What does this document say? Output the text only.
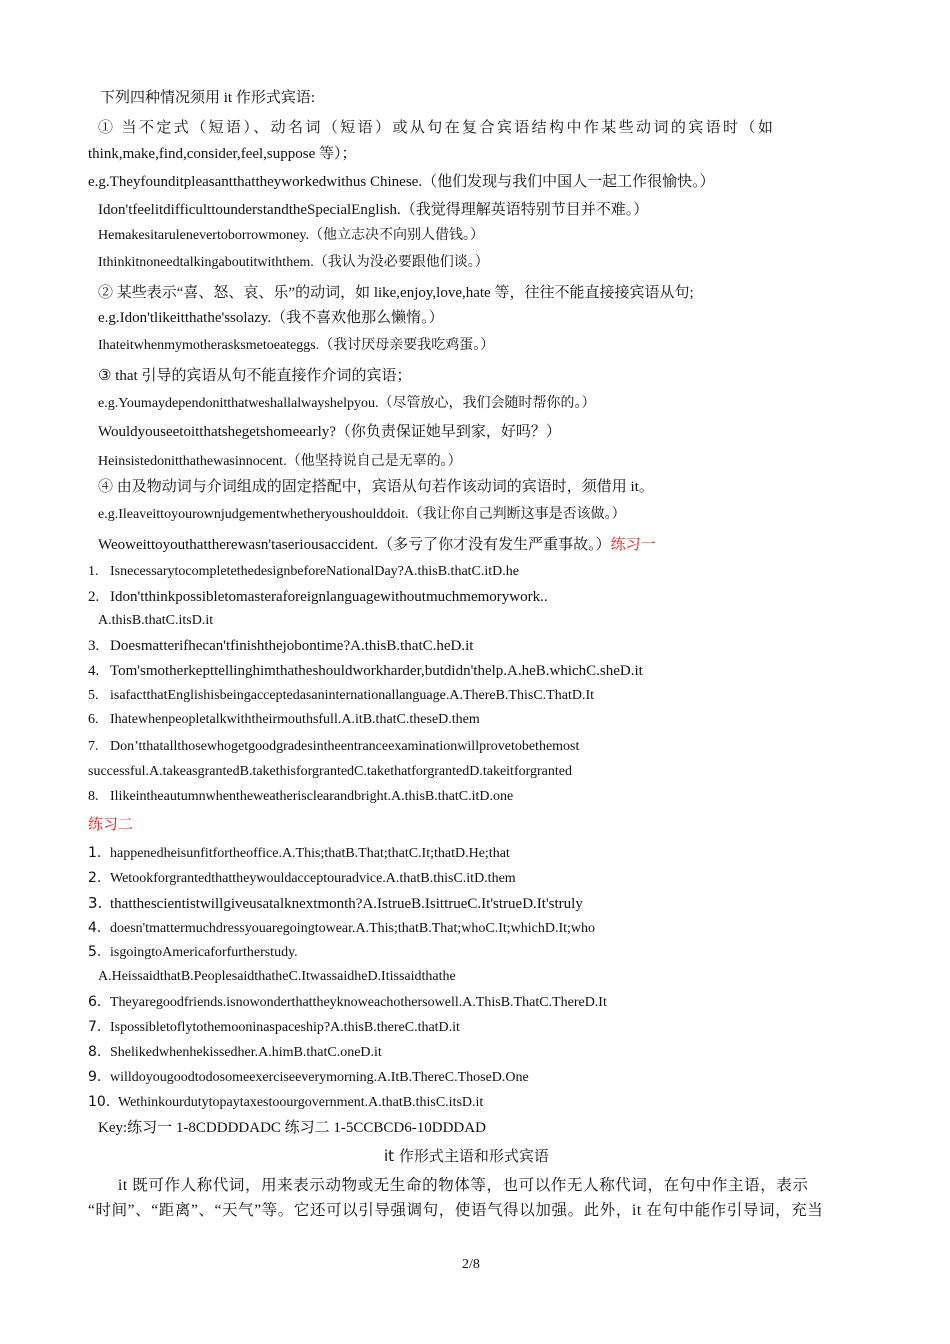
下列四种情况须用 it 作形式宾语:
① 当不定式（短语）、动名词（短语）或从句在复合宾语结构中作某些动词的宾语时（如
think,make,find,consider,feel,suppose 等）；
e.g.Theyfounditpleasantthattheyworkedwithus Chinese.（他们发现与我们中国人一起工作很愉快。）
Idon'tfeelitdifficulttounderstandtheSpecialEnglish.（我觉得理解英语特别节目并不难。）
Hemakesitarulenevertoborrowmoney.（他立志决不向别人借钱。）
Ithinkitnoneedtalkingaboutitwiththem.（我认为没必要跟他们谈。）
② 某些表示“喜、怒、哀、乐”的动词，如 like,enjoy,love,hate 等，往往不能直接接宾语从句;
e.g.Idon'tlikeitthathe'ssolazy.（我不喜欢他那么懒惰。）
Ihateitwhenmymotherasksmetoeateggs.（我讨厌母亲要我吃鸡蛋。）
③ that 引导的宾语从句不能直接作介词的宾语；
e.g.Youmaydependonitthatweshallalwayshelpyou.（尽管放心，我们会随时帮你的。）
Wouldyouseetoitthatshegetshomeearly?（你负责保证她早到家，好吗？）
Heinsistedonitthathewasinnocent.（他坚持说自己是无辜的。）
④ 由及物动词与介词组成的固定搭配中，宾语从句若作该动词的宾语时，须借用 it。
e.g.Ileaveittoyourownjudgementwhetheryoushoulddoit.（我让你自己判断这事是否该做。）
Weoweittoyouthattherewasn'taseriousaccident.（多亏了你才没有发生严重事故。）练习一
1. IsnecessarytocompletethedesignbeforeNationalDay?A.thisB.thatC.itD.he
2. Idon'tthinkpossibletomasteraforeignlanguagewithoutmuchmemorywork..
A.thisB.thatC.itsD.it
3. Doesmatterifhecan'tfinishthejobontime?A.thisB.thatC.heD.it
4. Tom'smotherkepttellinghimthatheshouldworkharder,butdidn'thelp.A.heB.whichC.sheD.it
5. isafactthatEnglishisbeingacceptedasaninternationallanguage.A.ThereB.ThisC.ThatD.It
6. Ihatewhenpeopletalkwiththeirmouthsfull.A.itB.thatC.theseD.them
7. Don’tthatallthosewhogetgoodgradesintheentranceexaminationwillprovetobethemost
successful.A.takeasgrantedB.takethisforgrantedC.takethatforgrantedD.takeitforgranted
8. Ilikeintheautumnwhentheweatherisclearandbright.A.thisB.thatC.itD.one
练习二
1. happenedheisunfitfortheoffice.A.This;thatB.That;thatC.It;thatD.He;that
2. Wetookforgrantedthattheywouldacceptouradvice.A.thatB.thisC.itD.them
3. thatthescientistwillgiveusatalknextmonth?A.IstrueB.IsittrueC.It'strueD.It'struly
4. doesn'tmattermuchdressyouaregoingtowear.A.This;thatB.That;whoC.It;whichD.It;who
5. isgoingtoAmericaforfurtherstudy.
A.HeissaidthatB.PeoplesaidthatheC.ItwassaidheD.Itissaidthathe
6. Theyaregoodfriends.isnowonderthattheyknoweachothersowell.A.ThisB.ThatC.ThereD.It
7. Ispossibletoflytothemooninaspaceship?A.thisB.thereC.thatD.it
8. Shelikedwhenhekissedher.A.himB.thatC.oneD.it
9. willdoyougoodtodosomeexerciseeverymorning.A.ItB.ThereC.ThoseD.One
10. Wethinkourdutytopaytaxestoourgovernment.A.thatB.thisC.itsD.it
Key:练习一 1-8CDDDDADC 练习二 1-5CCBCD6-10DDDAD
it 作形式主语和形式宾语
it 既可作人称代词，用来表示动物或无生命的物体等，也可以作无人称代词，在句中作主语，表示
“时间”、“距离”、“天气”等。它还可以引导强调句，使语气得以加强。此外，it 在句中能作引导词，充当
2/8
